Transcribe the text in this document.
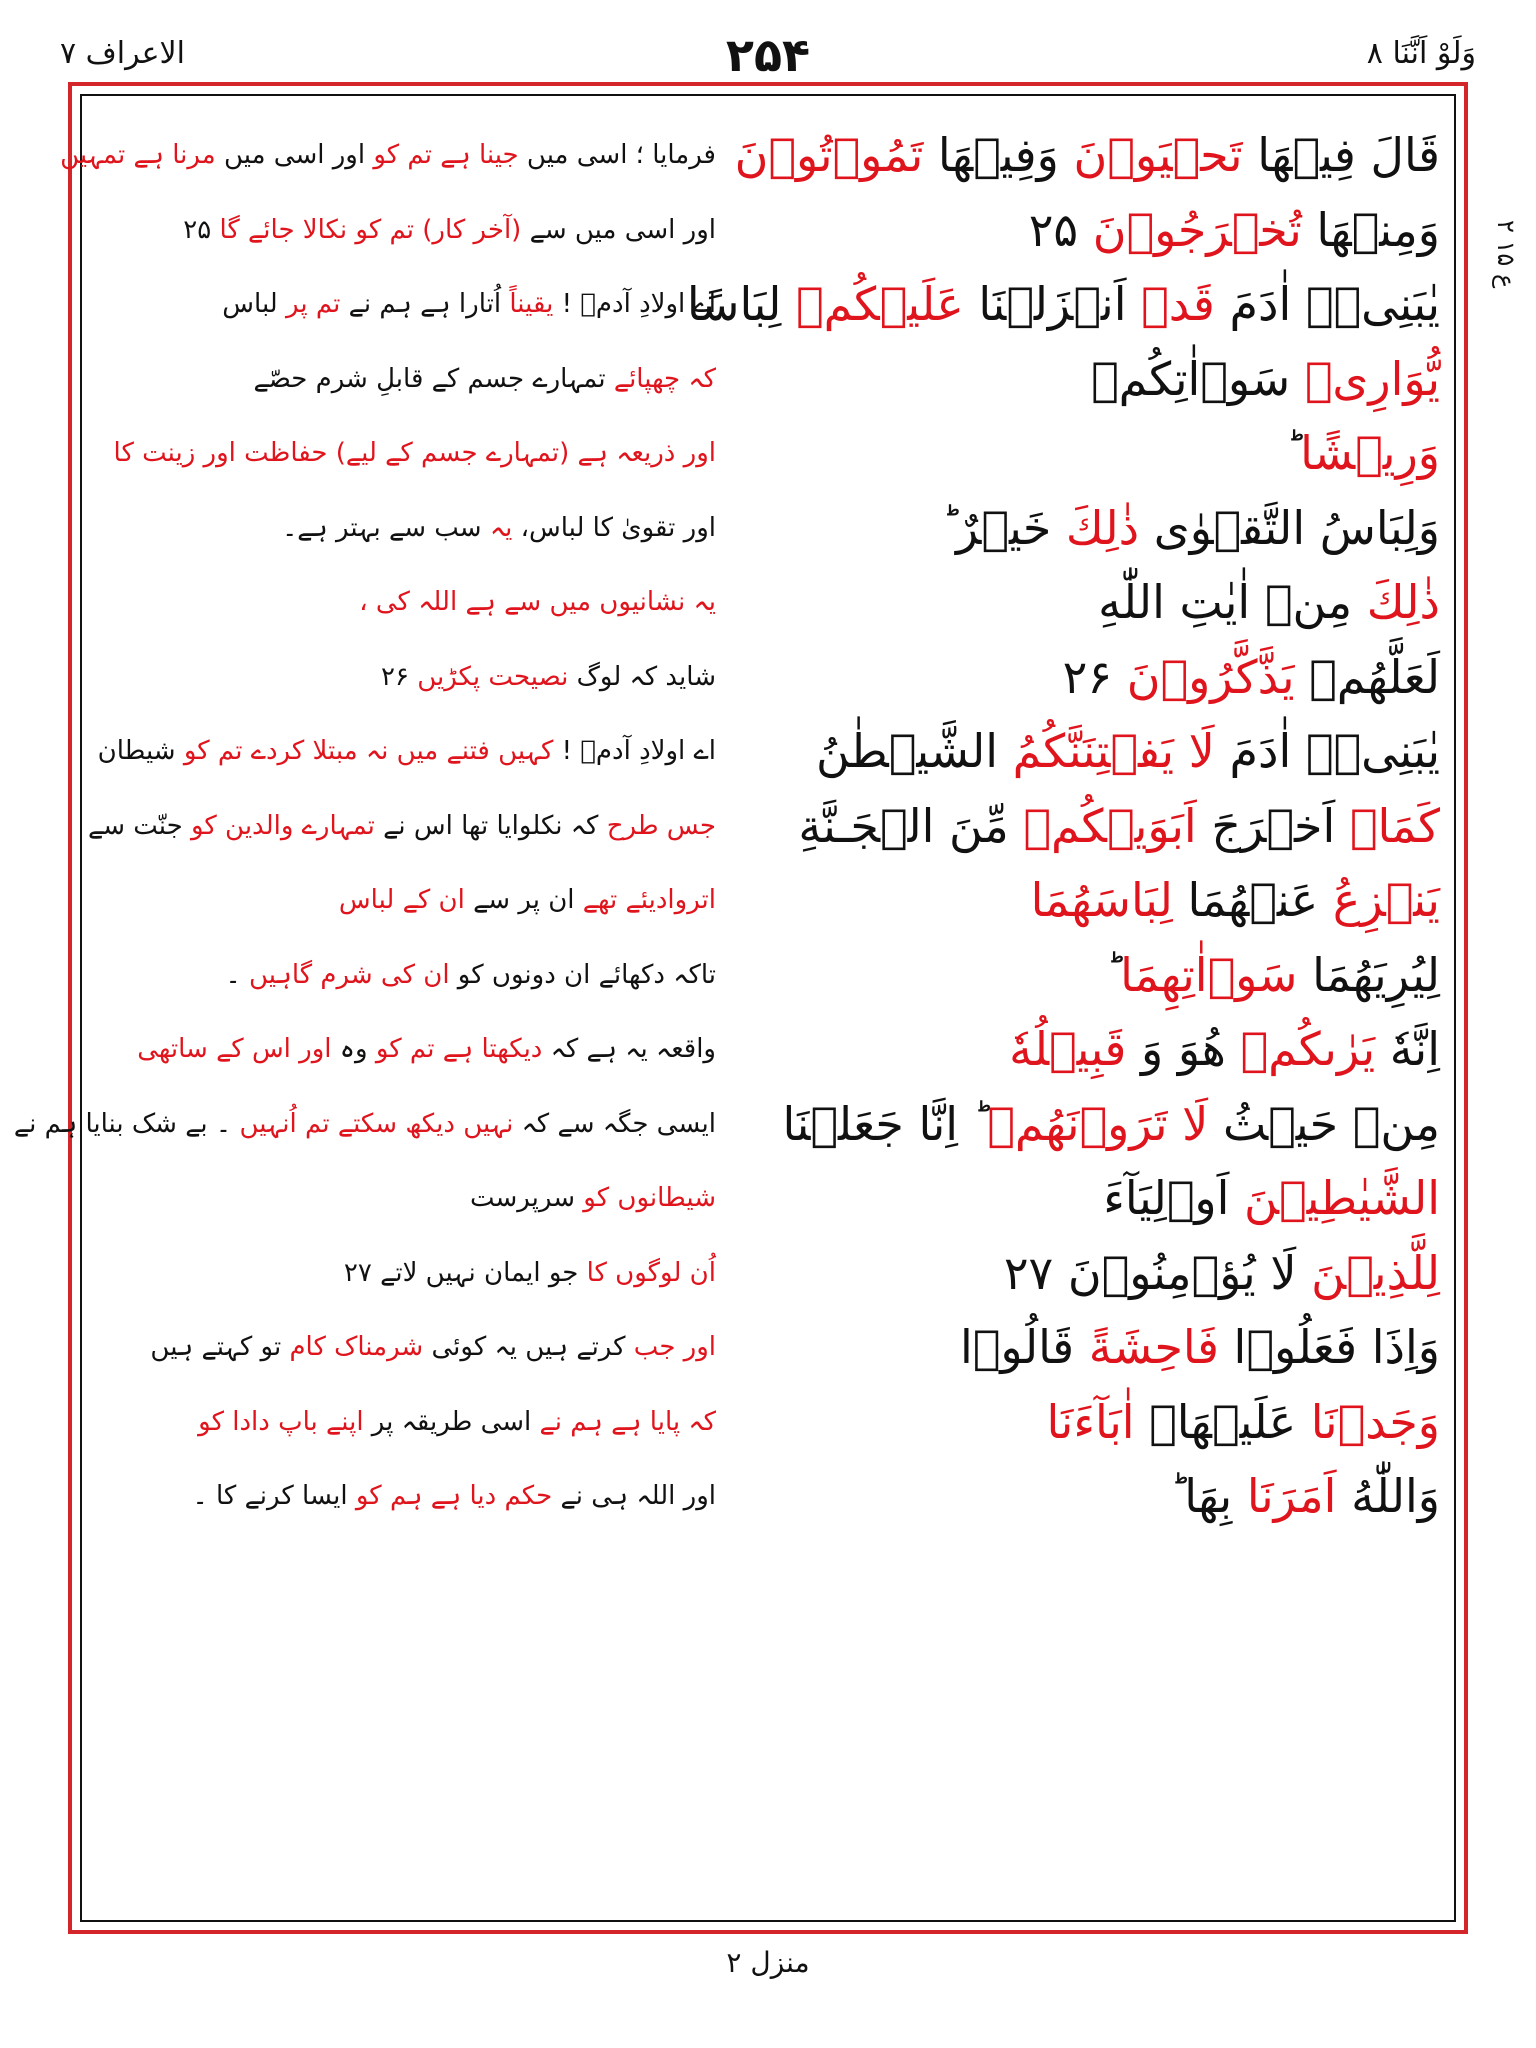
الاعراف ۷	۲۵۴	وَلَوْ اَنَّنَا ۸
ع ۱۵ ۲
قَالَ فِيۡهَا تَحۡيَوۡنَ وَفِيۡهَا تَمُوۡتُوۡنَ
فرمایا ؛ اسی میں جینا ہے تم کو اور اسی میں مرنا ہے تمہیں
وَمِنۡهَا تُخۡرَجُوۡنَ ۲۵
اور اسی میں سے (آخر کار) تم کو نکالا جائے گا ۲۵
يٰبَنِىۡۤ اٰدَمَ قَدۡ اَنۡزَلۡنَا عَلَيۡكُمۡ لِبَاسًا
اے اولادِ آدمؑ ! یقیناً اُتارا ہے ہم نے تم پر لباس
يُّوَارِىۡ سَوۡاٰتِكُمۡ
کہ چھپائے تمہارے جسم کے قابلِ شرم حصّے
وَرِيۡشًا ؕ
اور ذریعہ ہے (تمہارے جسم کے لیے) حفاظت اور زینت کا
وَلِبَاسُ التَّقۡوٰى ذٰلِكَ خَيۡرٌ ؕ
اور تقویٰ کا لباس، یہ سب سے بہتر ہے۔
ذٰلِكَ مِنۡ اٰيٰتِ اللّٰهِ
یہ نشانیوں میں سے ہے اللہ کی ،
لَعَلَّهُمۡ يَذَّكَّرُوۡنَ ۲۶
شاید کہ لوگ نصیحت پکڑیں ۲۶
يٰبَنِىۡۤ اٰدَمَ لَا يَفۡتِنَنَّكُمُ الشَّيۡطٰنُ
اے اولادِ آدمؑ ! کہیں فتنے میں نہ مبتلا کردے تم کو شیطان
كَمَاۤ اَخۡرَجَ اَبَوَيۡكُمۡ مِّنَ الۡجَـنَّةِ
جس طرح کہ نکلوایا تھا اس نے تمہارے والدین کو جنّت سے
يَنۡزِعُ عَنۡهُمَا لِبَاسَهُمَا
اتروادیئے تھے ان پر سے ان کے لباس
لِيُرِيَهُمَا سَوۡاٰتِهِمَا ؕ
تاکہ دکھائے ان دونوں کو ان کی شرم گاہیں ۔
اِنَّهٗ يَرٰٮكُمۡ هُوَ وَ قَبِيۡلُهٗ
واقعہ یہ ہے کہ دیکھتا ہے تم کو وہ اور اس کے ساتھی
مِنۡ حَيۡثُ لَا تَرَوۡنَهُمۡ ؕ اِنَّا جَعَلۡنَا
ایسی جگہ سے کہ نہیں دیکھ سکتے تم اُنہیں ۔ بے شک بنایا ہم نے
الشَّيٰطِيۡنَ اَوۡلِيَآءَ
شیطانوں کو سرپرست
لِلَّذِيۡنَ لَا يُؤۡمِنُوۡنَ ۲۷
اُن لوگوں کا جو ایمان نہیں لاتے ۲۷
وَاِذَا فَعَلُوۡا فَاحِشَةً قَالُوۡا
اور جب کرتے ہیں یہ کوئی شرمناک کام تو کہتے ہیں
وَجَدۡنَا عَلَيۡهَاۤ اٰبَآءَنَا
کہ پایا ہے ہم نے اسی طریقہ پر اپنے باپ دادا کو
وَاللّٰهُ اَمَرَنَا بِهَا ؕ
اور اللہ ہی نے حکم دیا ہے ہم کو ایسا کرنے کا ۔
منزل ۲
